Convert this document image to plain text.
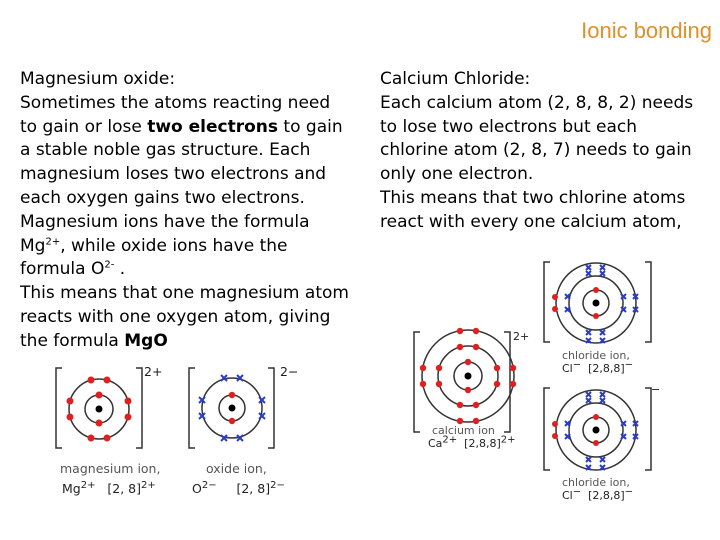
Ionic bonding

Magnesium oxide:

Sometimes the atoms reacting need to gain or lose two electrons to gain a stable noble gas structure. Each magnesium loses two electrons and each oxygen gains two electrons. Magnesium ions have the formula $Mg^{2+}$, while oxide ions have the formula $O^{2-}$ .

This means that one magnesium atom reacts with one oxygen atom, giving the formula MgO

Calcium Chloride:

Each calcium atom (2, 8, 8, 2) needs to lose two electrons but each chlorine atom (2, 8, 7) needs to gain only one electron.

This means that two chlorine atoms react with every one calcium atom,

2+	2−
magnesium ion,
$Mg^{2+}$ [2, 8]$^{2+}$
oxide ion,
$O^{2-}$ [2, 8]$^{2-}$
2+
calcium ion
$Ca^{2+}$ $[2,8,8]^{2+}$
−
chloride ion,
Cl− [2,8,8]−
chloride ion,
Cl− [2,8,8]−
